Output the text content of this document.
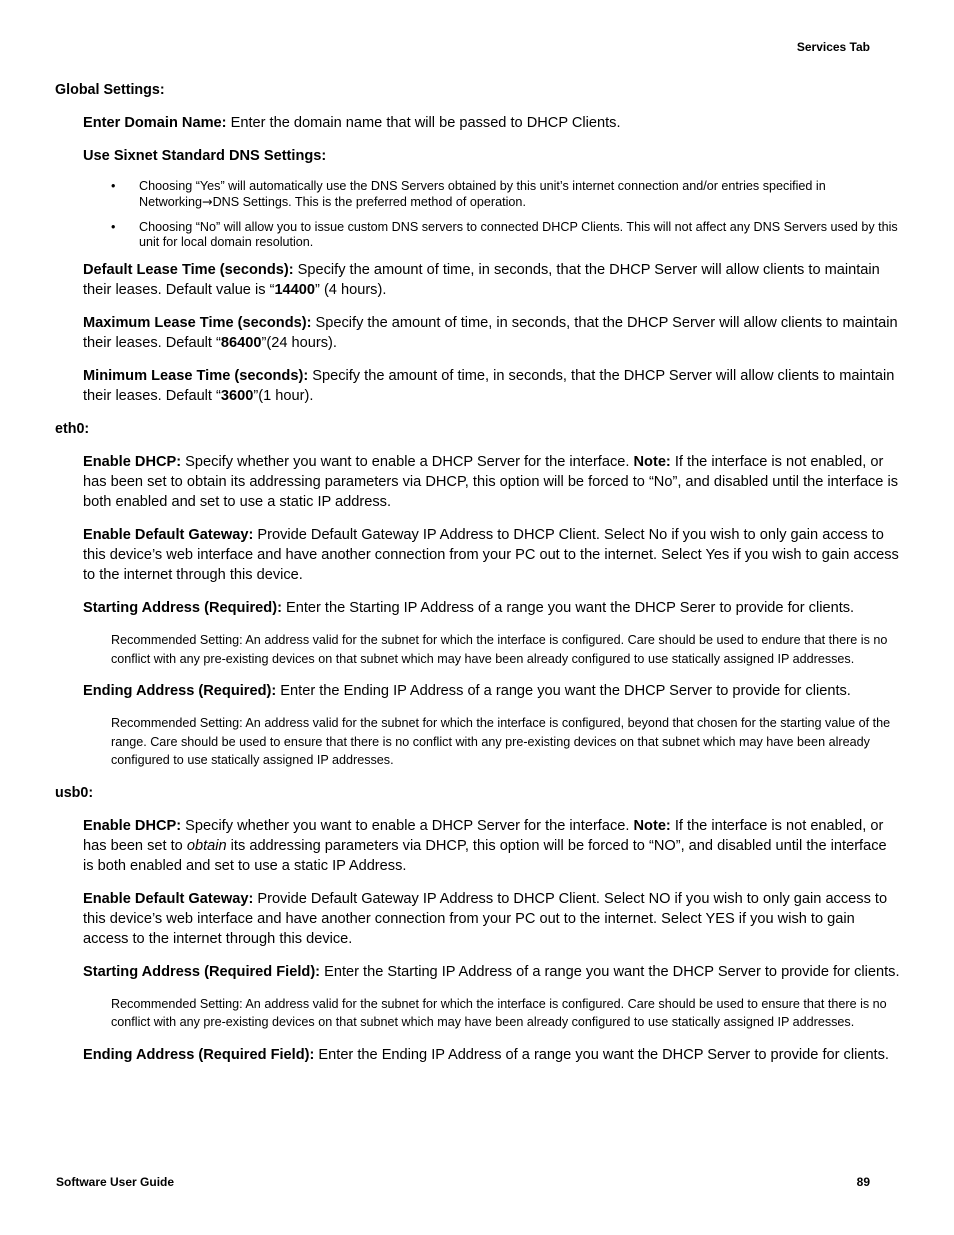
Services Tab
Global Settings:
Enter Domain Name: Enter the domain name that will be passed to DHCP Clients.
Use Sixnet Standard DNS Settings:
• Choosing “Yes” will automatically use the DNS Servers obtained by this unit’s internet connection and/or entries specified in Networking→DNS Settings. This is the preferred method of operation.
• Choosing “No” will allow you to issue custom DNS servers to connected DHCP Clients. This will not affect any DNS Servers used by this unit for local domain resolution.
Default Lease Time (seconds): Specify the amount of time, in seconds, that the DHCP Server will allow clients to maintain their leases. Default value is “14400” (4 hours).
Maximum Lease Time (seconds): Specify the amount of time, in seconds, that the DHCP Server will allow clients to maintain their leases. Default “86400”(24 hours).
Minimum Lease Time (seconds): Specify the amount of time, in seconds, that the DHCP Server will allow clients to maintain their leases. Default “3600”(1 hour).
eth0:
Enable DHCP: Specify whether you want to enable a DHCP Server for the interface. Note: If the interface is not enabled, or has been set to obtain its addressing parameters via DHCP, this option will be forced to “No”, and disabled until the interface is both enabled and set to use a static IP address.
Enable Default Gateway: Provide Default Gateway IP Address to DHCP Client. Select No if you wish to only gain access to this device’s web interface and have another connection from your PC out to the internet. Select Yes if you wish to gain access to the internet through this device.
Starting Address (Required): Enter the Starting IP Address of a range you want the DHCP Serer to provide for clients.
Recommended Setting: An address valid for the subnet for which the interface is configured. Care should be used to endure that there is no conflict with any pre-existing devices on that subnet which may have been already configured to use statically assigned IP addresses.
Ending Address (Required): Enter the Ending IP Address of a range you want the DHCP Server to provide for clients.
Recommended Setting: An address valid for the subnet for which the interface is configured, beyond that chosen for the starting value of the range. Care should be used to ensure that there is no conflict with any pre-existing devices on that subnet which may have been already configured to use statically assigned IP addresses.
usb0:
Enable DHCP: Specify whether you want to enable a DHCP Server for the interface. Note: If the interface is not enabled, or has been set to obtain its addressing parameters via DHCP, this option will be forced to “NO”, and disabled until the interface is both enabled and set to use a static IP Address.
Enable Default Gateway: Provide Default Gateway IP Address to DHCP Client. Select NO if you wish to only gain access to this device’s web interface and have another connection from your PC out to the internet. Select YES if you wish to gain access to the internet through this device.
Starting Address (Required Field): Enter the Starting IP Address of a range you want the DHCP Server to provide for clients.
Recommended Setting: An address valid for the subnet for which the interface is configured. Care should be used to ensure that there is no conflict with any pre-existing devices on that subnet which may have been already configured to use statically assigned IP addresses.
Ending Address (Required Field): Enter the Ending IP Address of a range you want the DHCP Server to provide for clients.
Software User Guide	89
